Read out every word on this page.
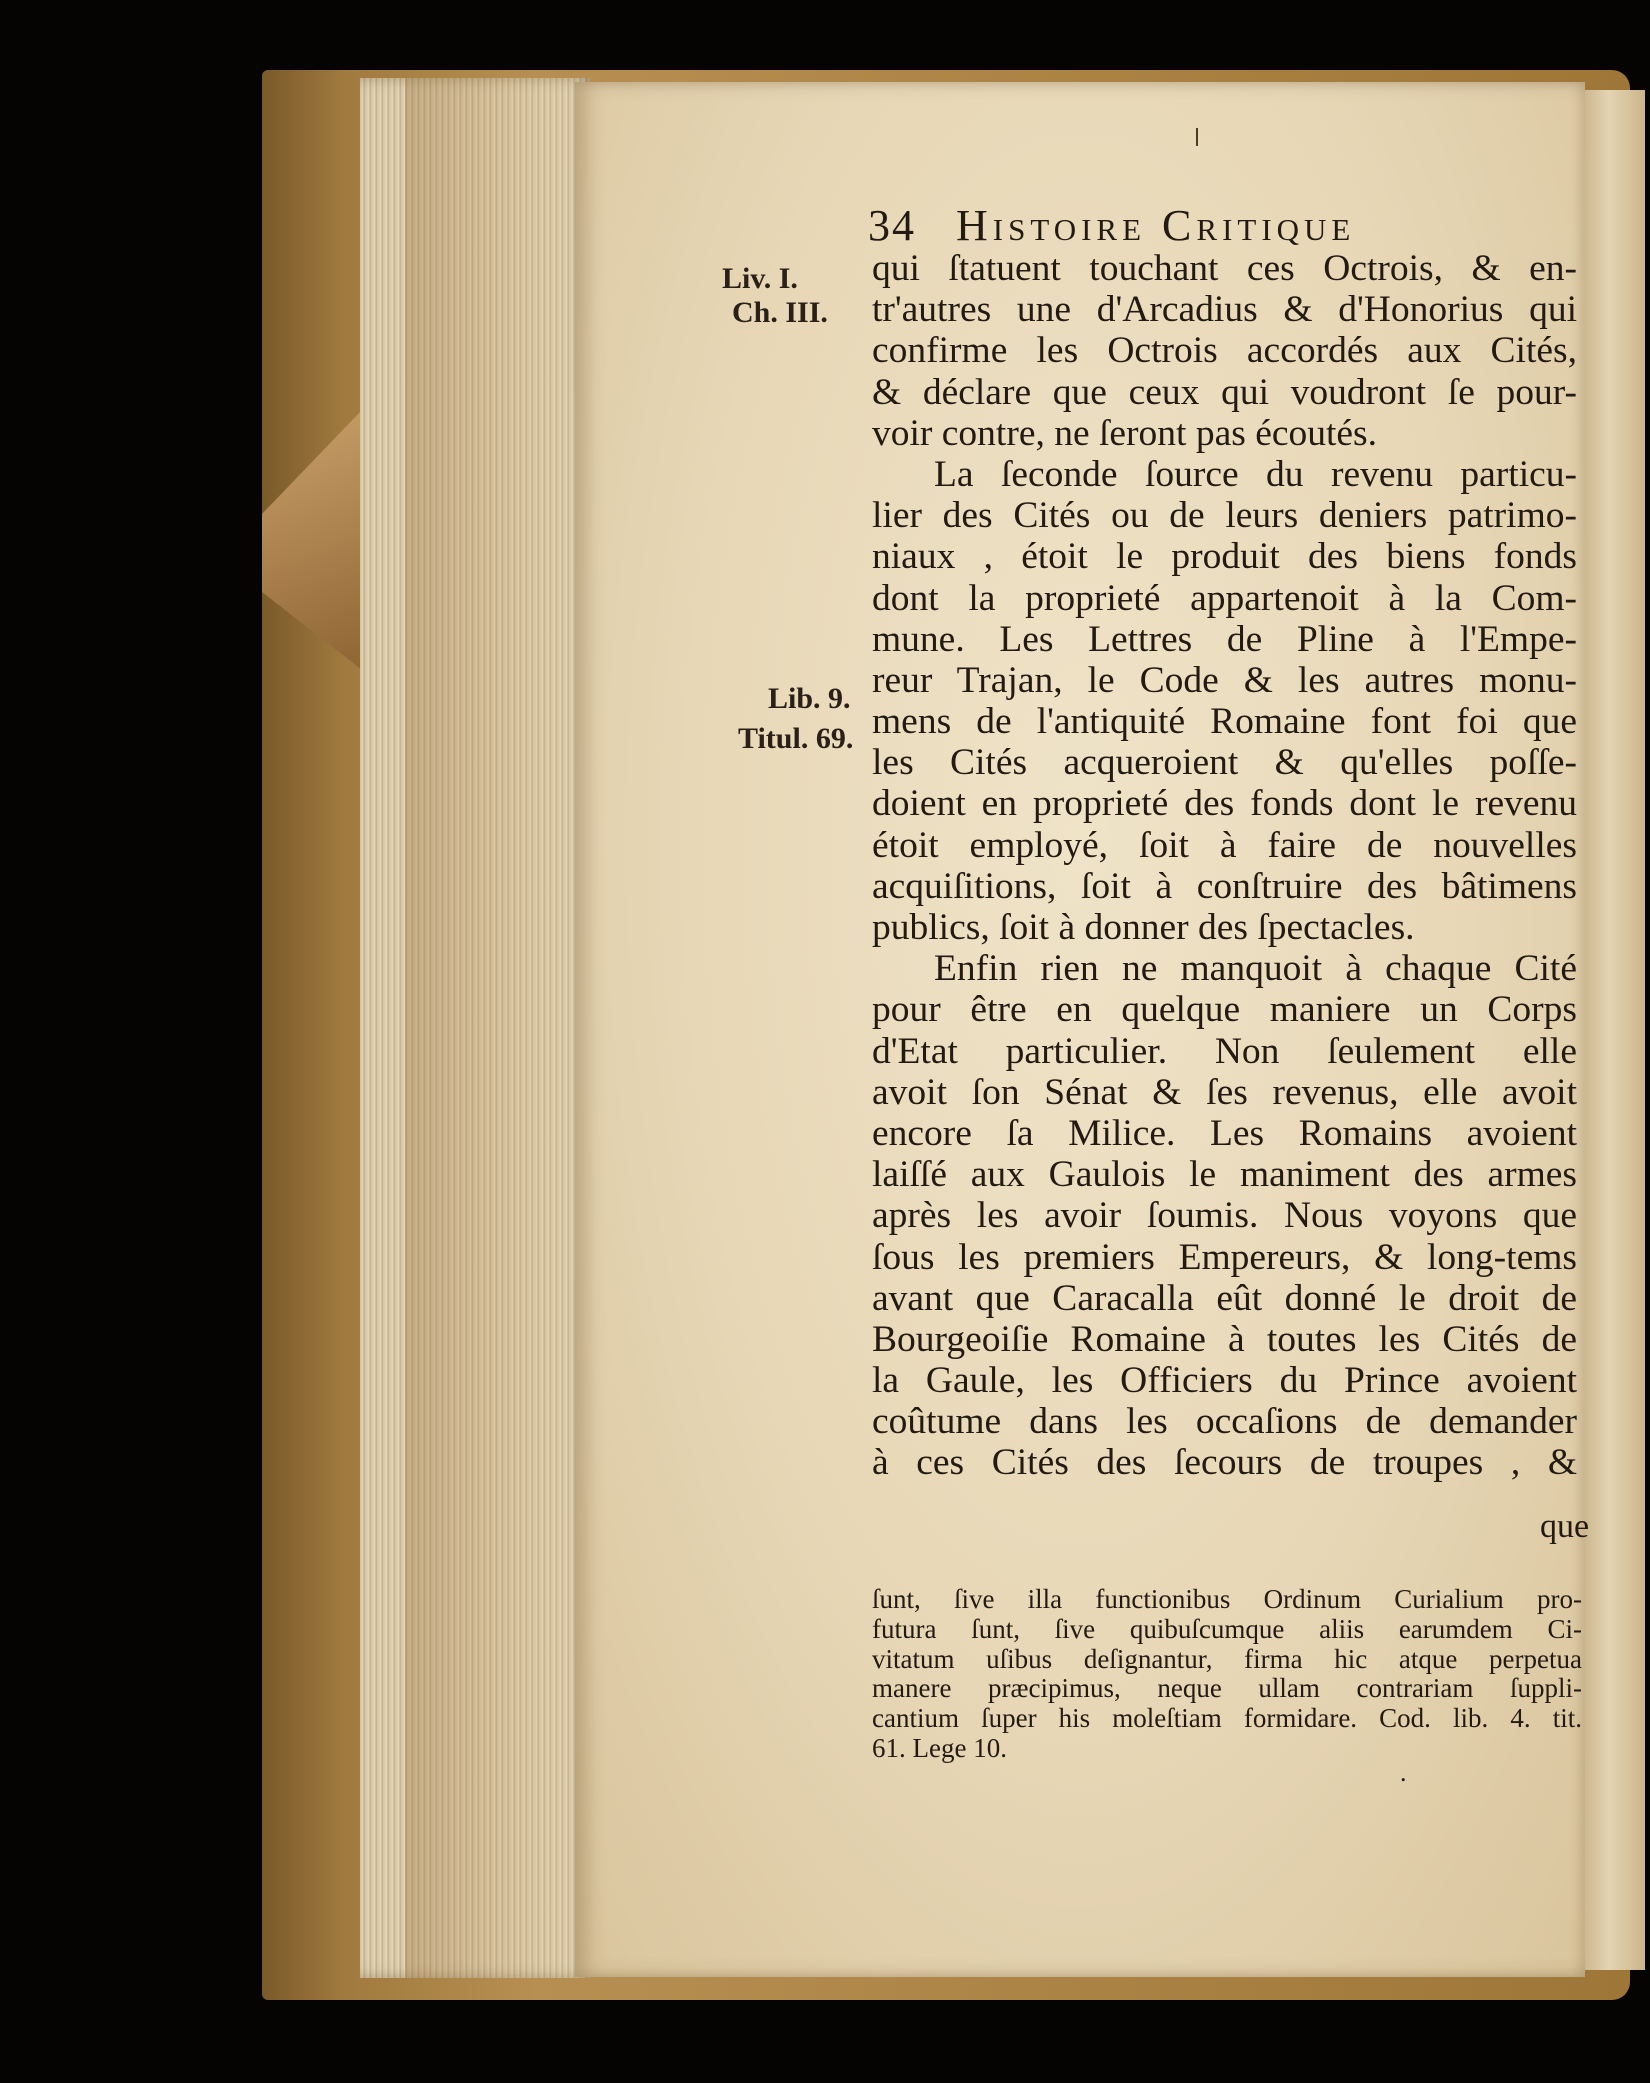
34 Histoire Critique
Liv. I.
Ch. III.
Lib. 9.
Titul. 69.
qui ſtatuent touchant ces Octrois, & en-
tr'autres une d'Arcadius & d'Honorius qui
confirme les Octrois accordés aux Cités,
& déclare que ceux qui voudront ſe pour-
voir contre, ne ſeront pas écoutés.
La ſeconde ſource du revenu particu-
lier des Cités ou de leurs deniers patrimo-
niaux , étoit le produit des biens fonds
dont la proprieté appartenoit à la Com-
mune. Les Lettres de Pline à l'Empe-
reur Trajan, le Code & les autres monu-
mens de l'antiquité Romaine font foi que
les Cités acqueroient & qu'elles poſſe-
doient en proprieté des fonds dont le revenu
étoit employé, ſoit à faire de nouvelles
acquiſitions, ſoit à conſtruire des bâtimens
publics, ſoit à donner des ſpectacles.
Enfin rien ne manquoit à chaque Cité
pour être en quelque maniere un Corps
d'Etat particulier. Non ſeulement elle
avoit ſon Sénat & ſes revenus, elle avoit
encore ſa Milice. Les Romains avoient
laiſſé aux Gaulois le maniment des armes
après les avoir ſoumis. Nous voyons que
ſous les premiers Empereurs, & long-tems
avant que Caracalla eût donné le droit de
Bourgeoiſie Romaine à toutes les Cités de
la Gaule, les Officiers du Prince avoient
coûtume dans les occaſions de demander
à ces Cités des ſecours de troupes , &
que
ſunt, ſive illa functionibus Ordinum Curialium pro-
futura ſunt, ſive quibuſcumque aliis earumdem Ci-
vitatum uſibus deſignantur, firma hic atque perpetua
manere præcipimus, neque ullam contrariam ſuppli-
cantium ſuper his moleſtiam formidare. Cod. lib. 4. tit.
61. Lege 10.
.
